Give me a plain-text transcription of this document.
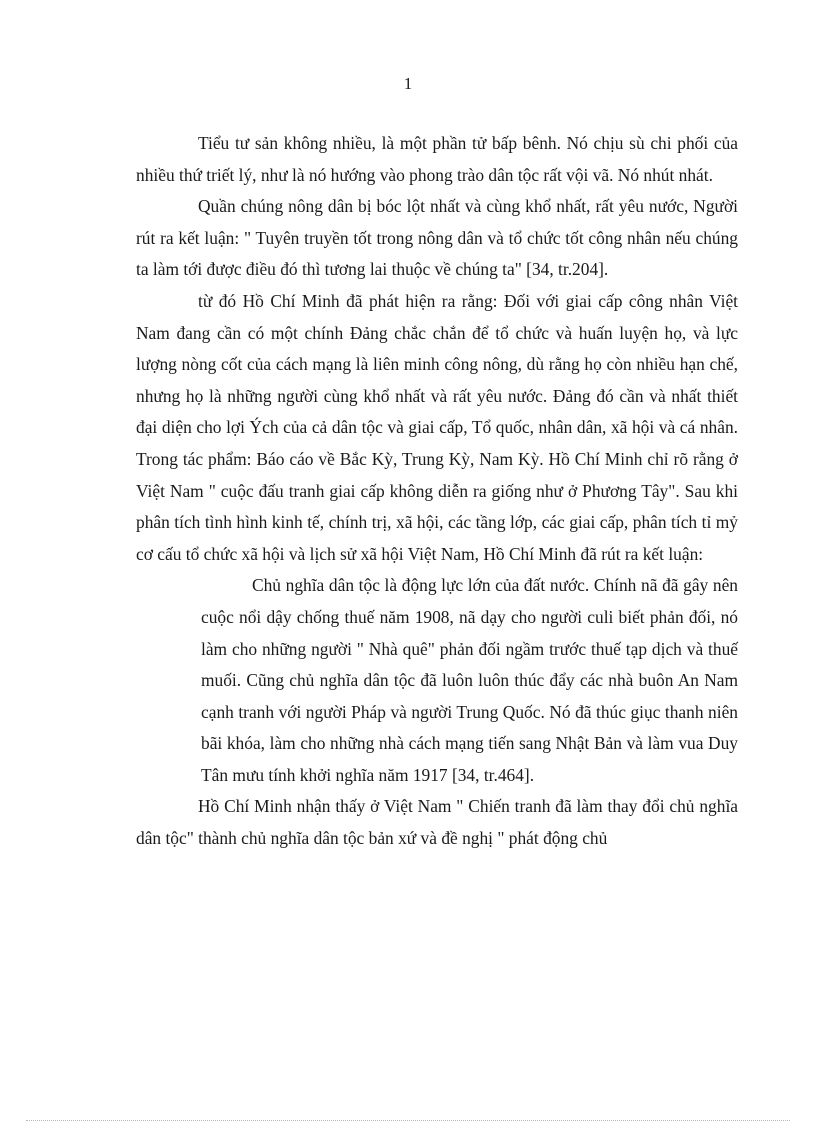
1

Tiểu tư sản không nhiều, là một phần tử bấp bênh. Nó chịu sù chi phối của nhiều thứ triết lý, như là nó hướng vào phong trào dân tộc rất vội vã. Nó nhút nhát.

Quần chúng nông dân bị bóc lột nhất và cùng khổ nhất, rất yêu nước, Người rút ra kết luận: " Tuyên truyền tốt trong nông dân và tổ chức tốt công nhân nếu chúng ta làm tới được điều đó thì tương lai thuộc về chúng ta" [34, tr.204].

từ đó Hồ Chí Minh đã phát hiện ra rằng: Đối với giai cấp công nhân Việt Nam đang cần có một chính Đảng chắc chắn để tổ chức và huấn luyện họ, và lực lượng nòng cốt của cách mạng là liên minh công nông, dù rằng họ còn nhiều hạn chế, nhưng họ là những người cùng khổ nhất và rất yêu nước. Đảng đó cần và nhất thiết đại diện cho lợi Ých của cả dân tộc và giai cấp, Tổ quốc, nhân dân, xã hội và cá nhân. Trong tác phẩm: Báo cáo về Bắc Kỳ, Trung Kỳ, Nam Kỳ. Hồ Chí Minh chỉ rõ rằng ở Việt Nam " cuộc đấu tranh giai cấp không diễn ra giống như ở Phương Tây". Sau khi phân tích tình hình kinh tế, chính trị, xã hội, các tầng lớp, các giai cấp, phân tích tỉ mỷ cơ cấu tổ chức xã hội và lịch sử xã hội Việt Nam, Hồ Chí Minh đã rút ra kết luận:

Chủ nghĩa dân tộc là động lực lớn của đất nước. Chính nã đã gây nên cuộc nổi dậy chống thuế năm 1908, nã dạy cho người culi biết phản đối, nó làm cho những người " Nhà quê" phản đối ngầm trước thuế tạp dịch và thuế muối. Cũng chủ nghĩa dân tộc đã luôn luôn thúc đẩy các nhà buôn An Nam cạnh tranh với người Pháp và người Trung Quốc. Nó đã thúc giục thanh niên bãi khóa, làm cho những nhà cách mạng tiến sang Nhật Bản và làm vua Duy Tân mưu tính khởi nghĩa năm 1917 [34, tr.464].

Hồ Chí Minh nhận thấy ở Việt Nam " Chiến tranh đã làm thay đổi chủ nghĩa dân tộc" thành chủ nghĩa dân tộc bản xứ và đề nghị " phát động chủ
